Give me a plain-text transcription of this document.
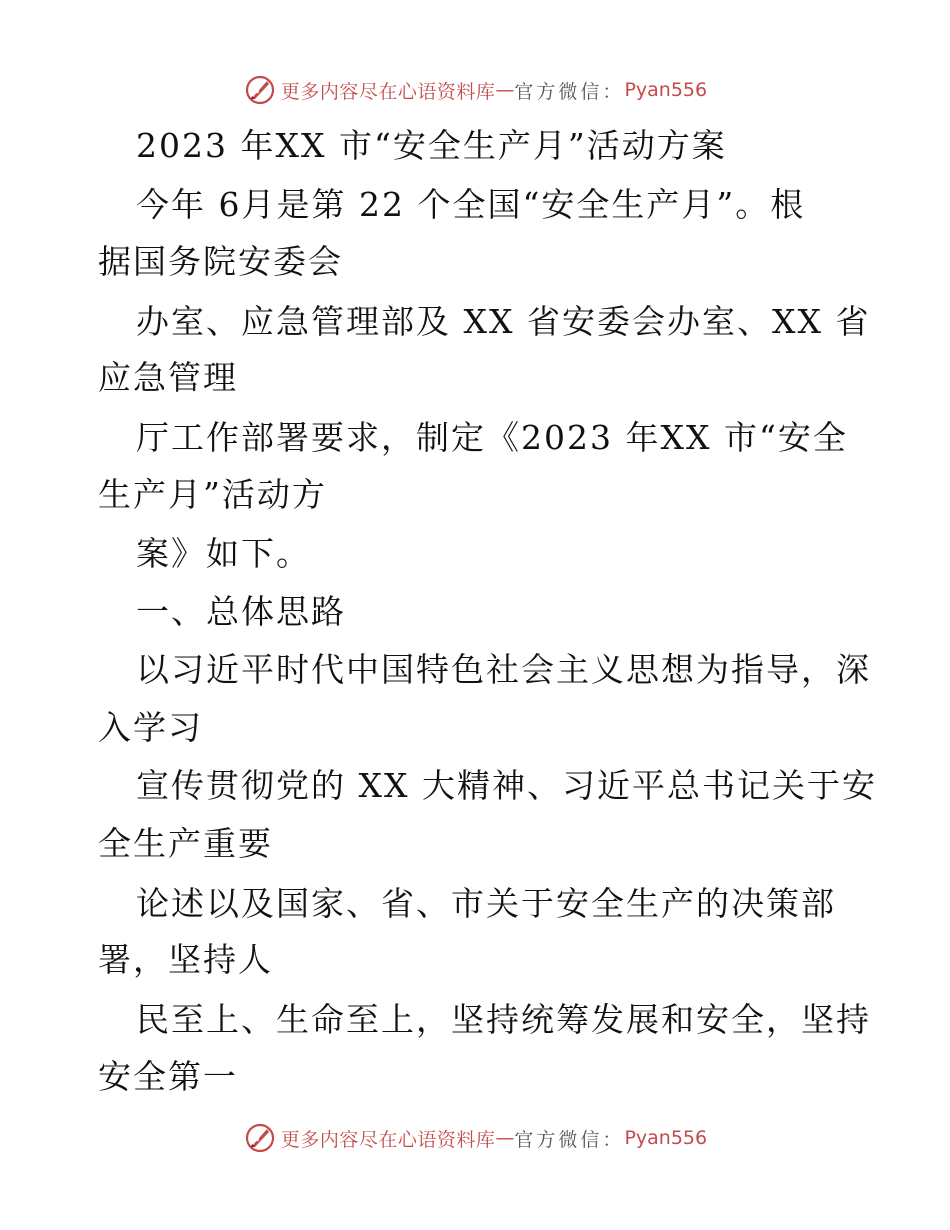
更多内容尽在心语资料库 — 官方微信： Pyan556
2023 年XX 市“安全生产月”活动方案
今年 6月是第 22 个全国“安全生产月”。根
据国务院安委会
办室、应急管理部及 XX 省安委会办室、XX 省
应急管理
厅工作部署要求，制定《2023 年XX 市“安全
生产月”活动方
案》如下。
一、总体思路
以习近平时代中国特色社会主义思想为指导，深
入学习
宣传贯彻党的 XX 大精神、习近平总书记关于安
全生产重要
论述以及国家、省、市关于安全生产的决策部
署，坚持人
民至上、生命至上，坚持统筹发展和安全，坚持
安全第一
更多内容尽在心语资料库 — 官方微信： Pyan556
